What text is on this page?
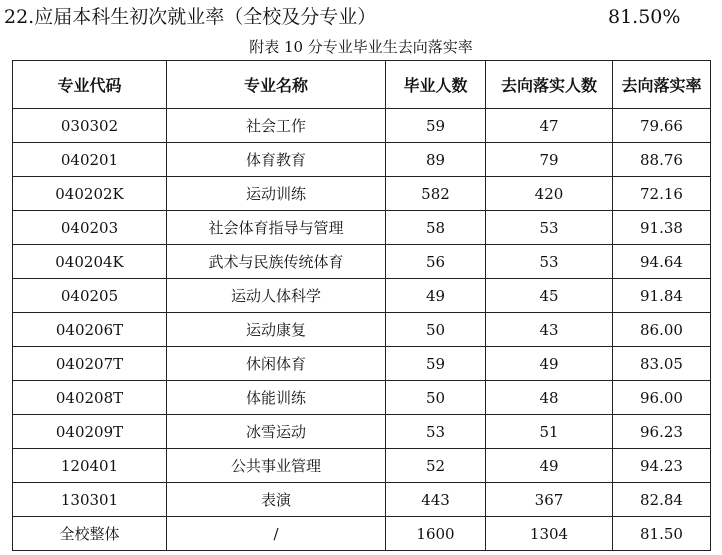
22.应届本科生初次就业率（全校及分专业）	81.50%
附表 10 分专业毕业生去向落实率
专业代码	专业名称	毕业人数	去向落实人数	去向落实率
030302	社会工作	59	47	79.66
040201	体育教育	89	79	88.76
040202K	运动训练	582	420	72.16
040203	社会体育指导与管理	58	53	91.38
040204K	武术与民族传统体育	56	53	94.64
040205	运动人体科学	49	45	91.84
040206T	运动康复	50	43	86.00
040207T	休闲体育	59	49	83.05
040208T	体能训练	50	48	96.00
040209T	冰雪运动	53	51	96.23
120401	公共事业管理	52	49	94.23
130301	表演	443	367	82.84
全校整体	/	1600	1304	81.50
